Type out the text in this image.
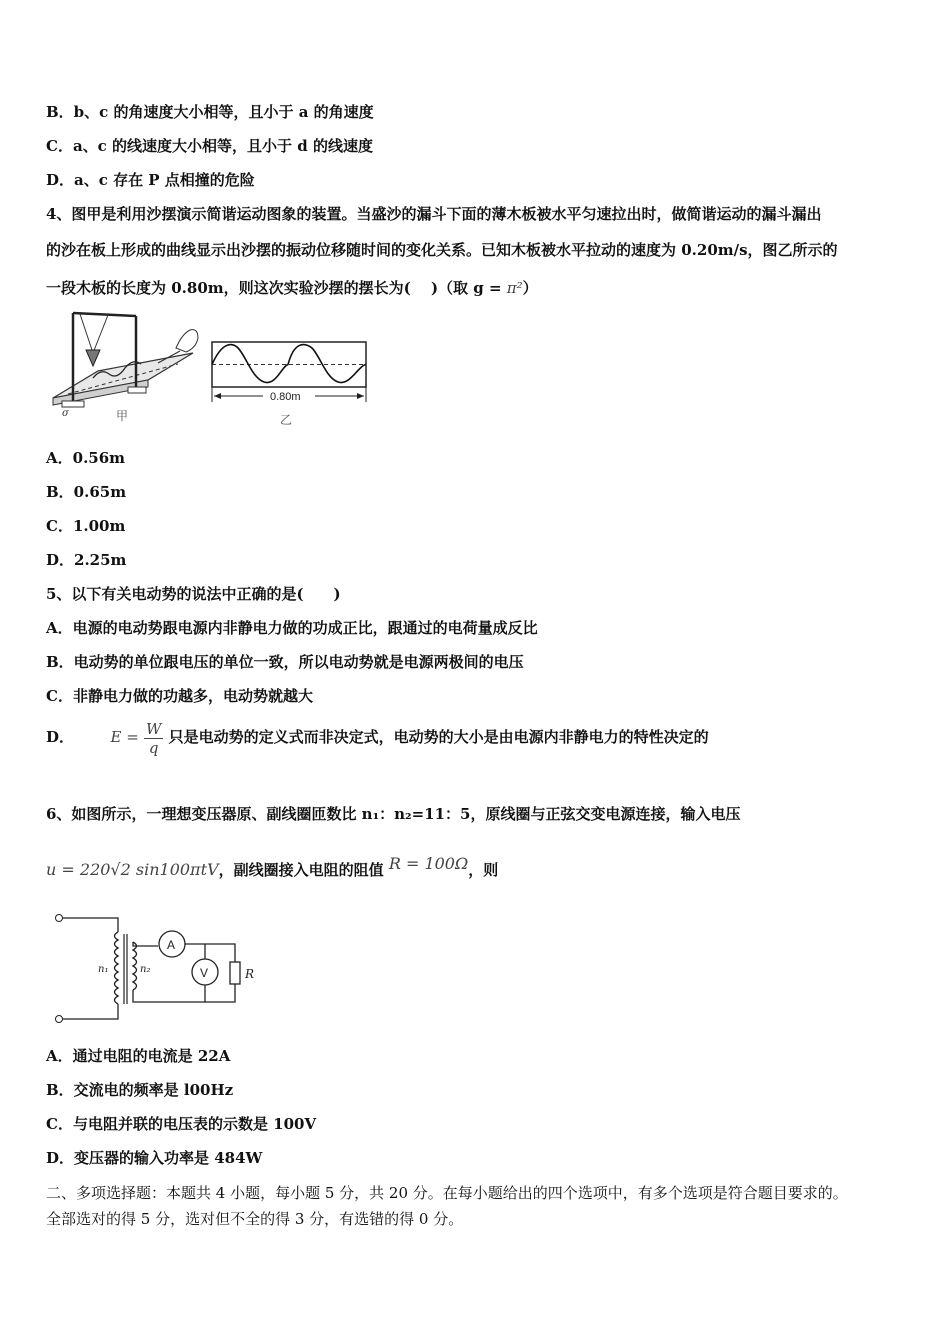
B．b、c 的角速度大小相等，且小于 a 的角速度
C．a、c 的线速度大小相等，且小于 d 的线速度
D．a、c 存在 P 点相撞的危险
4、图甲是利用沙摆演示简谐运动图象的装置。当盛沙的漏斗下面的薄木板被水平匀速拉出时，做简谐运动的漏斗漏出
的沙在板上形成的曲线显示出沙摆的振动位移随时间的变化关系。已知木板被水平拉动的速度为 0.20m/s，图乙所示的
一段木板的长度为 0.80m，则这次实验沙摆的摆长为(　 )（取 g = π²）
σ	甲
0.80m
乙
A．0.56m
B．0.65m
C．1.00m
D．2.25m
5、以下有关电动势的说法中正确的是(　　)
A．电源的电动势跟电源内非静电力做的功成正比，跟通过的电荷量成反比
B．电动势的单位跟电压的单位一致，所以电动势就是电源两极间的电压
C．非静电力做的功越多，电动势就越大
D． $E = \frac{W}{q}$ 只是电动势的定义式而非决定式，电动势的大小是由电源内非静电力的特性决定的
6、如图所示，一理想变压器原、副线圈匝数比 n₁：n₂=11：5，原线圈与正弦交变电源连接，输入电压
u = 220√2 sin100πtV，副线圈接入电阻的阻值 R = 100Ω，则
A
V	R
n₁	n₂
A．通过电阻的电流是 22A
B．交流电的频率是 l00Hz
C．与电阻并联的电压表的示数是 100V
D．变压器的输入功率是 484W
二、多项选择题：本题共 4 小题，每小题 5 分，共 20 分。在每小题给出的四个选项中，有多个选项是符合题目要求的。
全部选对的得 5 分，选对但不全的得 3 分，有选错的得 0 分。
